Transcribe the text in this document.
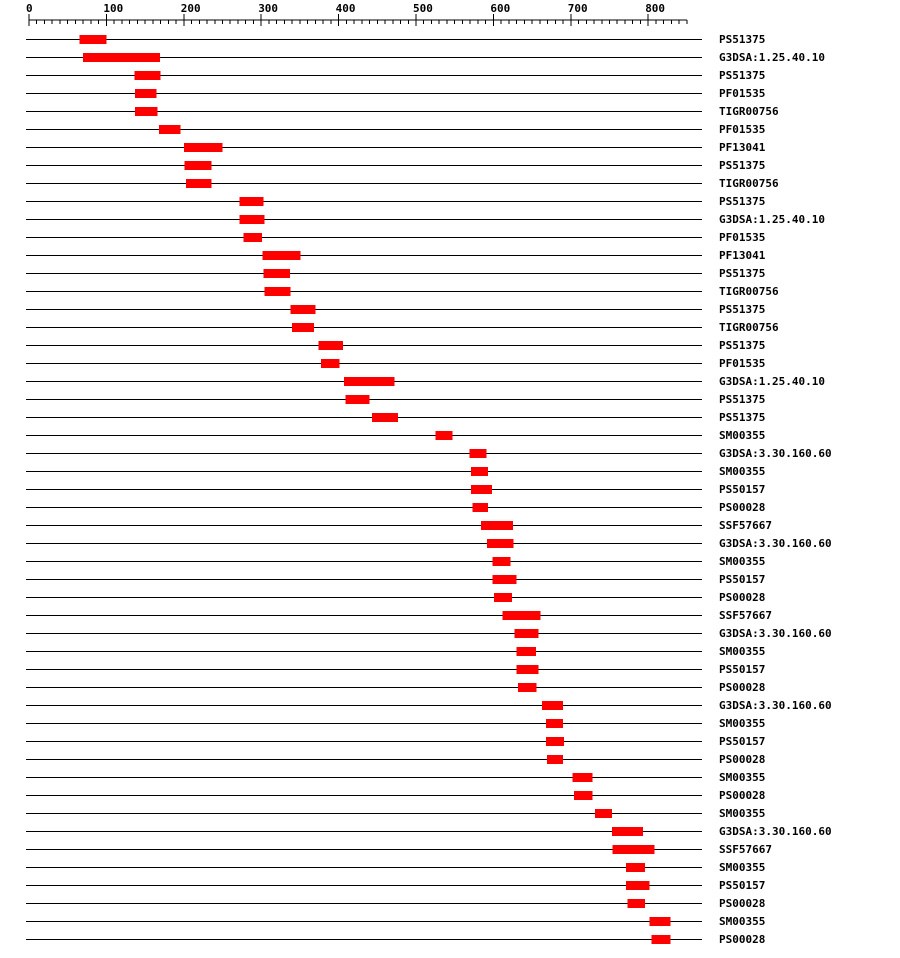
0	100	200	300	400	500	600	700	800
PS51375
G3DSA:1.25.40.10
PS51375
PF01535
TIGR00756
PF01535
PF13041
PS51375
TIGR00756
PS51375
G3DSA:1.25.40.10
PF01535
PF13041
PS51375
TIGR00756
PS51375
TIGR00756
PS51375
PF01535
G3DSA:1.25.40.10
PS51375
PS51375
SM00355
G3DSA:3.30.160.60
SM00355
PS50157
PS00028
SSF57667
G3DSA:3.30.160.60
SM00355
PS50157
PS00028
SSF57667
G3DSA:3.30.160.60
SM00355
PS50157
PS00028
G3DSA:3.30.160.60
SM00355
PS50157
PS00028
SM00355
PS00028
SM00355
G3DSA:3.30.160.60
SSF57667
SM00355
PS50157
PS00028
SM00355
PS00028
